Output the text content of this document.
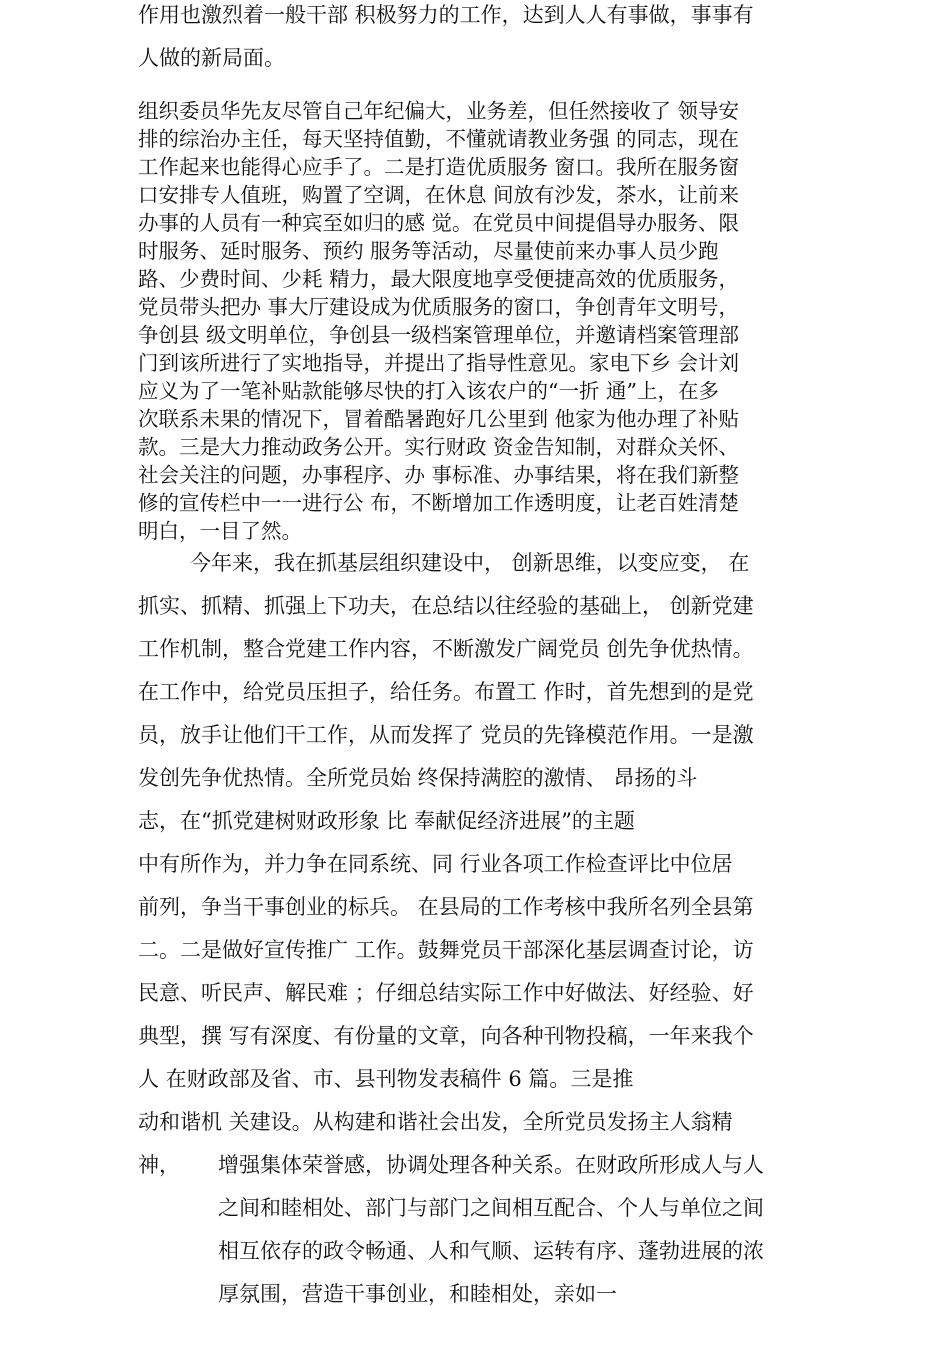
作用也激烈着一般干部 积极努力的工作，达到人人有事做，事事有
人做的新局面。
组织委员华先友尽管自己年纪偏大，业务差，但任然接收了 领导安
排的综治办主任，每天坚持值勤，不懂就请教业务强 的同志，现在
工作起来也能得心应手了。二是打造优质服务 窗口。我所在服务窗
口安排专人值班，购置了空调，在休息 间放有沙发，茶水，让前来
办事的人员有一种宾至如归的感 觉。在党员中间提倡导办服务、限
时服务、延时服务、预约 服务等活动，尽量使前来办事人员少跑
路、少费时间、少耗 精力，最大限度地享受便捷高效的优质服务，
党员带头把办 事大厅建设成为优质服务的窗口，争创青年文明号，
争创县 级文明单位，争创县一级档案管理单位，并邀请档案管理部
门到该所进行了实地指导，并提出了指导性意见。家电下乡 会计刘
应义为了一笔补贴款能够尽快的打入该农户的“一折 通”上，在多
次联系未果的情况下，冒着酷暑跑好几公里到 他家为他办理了补贴
款。三是大力推动政务公开。实行财政 资金告知制，对群众关怀、
社会关注的问题，办事程序、办 事标准、办事结果，将在我们新整
修的宣传栏中一一进行公 布，不断增加工作透明度，让老百姓清楚
明白，一目了然。
今年来，我在抓基层组织建设中， 创新思维，以变应变， 在
抓实、抓精、抓强上下功夫，在总结以往经验的基础上， 创新党建
工作机制，整合党建工作内容，不断激发广阔党员 创先争优热情。
在工作中，给党员压担子，给任务。布置工 作时，首先想到的是党
员，放手让他们干工作，从而发挥了 党员的先锋模范作用。一是激
发创先争优热情。全所党员始 终保持满腔的激情、 昂扬的斗
志，在“抓党建树财政形象 比 奉献促经济进展”的主题
中有所作为，并力争在同系统、同 行业各项工作检查评比中位居
前列，争当干事创业的标兵。 在县局的工作考核中我所名列全县第
二。二是做好宣传推广 工作。鼓舞党员干部深化基层调查讨论，访
民意、听民声、解民难 ；仔细总结实际工作中好做法、好经验、好
典型，撰 写有深度、有份量的文章，向各种刊物投稿，一年来我个
人 在财政部及省、市、县刊物发表稿件 6 篇。三是推
动和谐机 关建设。从构建和谐社会出发，全所党员发扬主人翁精
神，	增强集体荣誉感，协调处理各种关系。在财政所形成人与人
之间和睦相处、部门与部门之间相互配合、个人与单位之间
相互依存的政令畅通、人和气顺、运转有序、蓬勃进展的浓
厚氛围，营造干事创业，和睦相处，亲如一
